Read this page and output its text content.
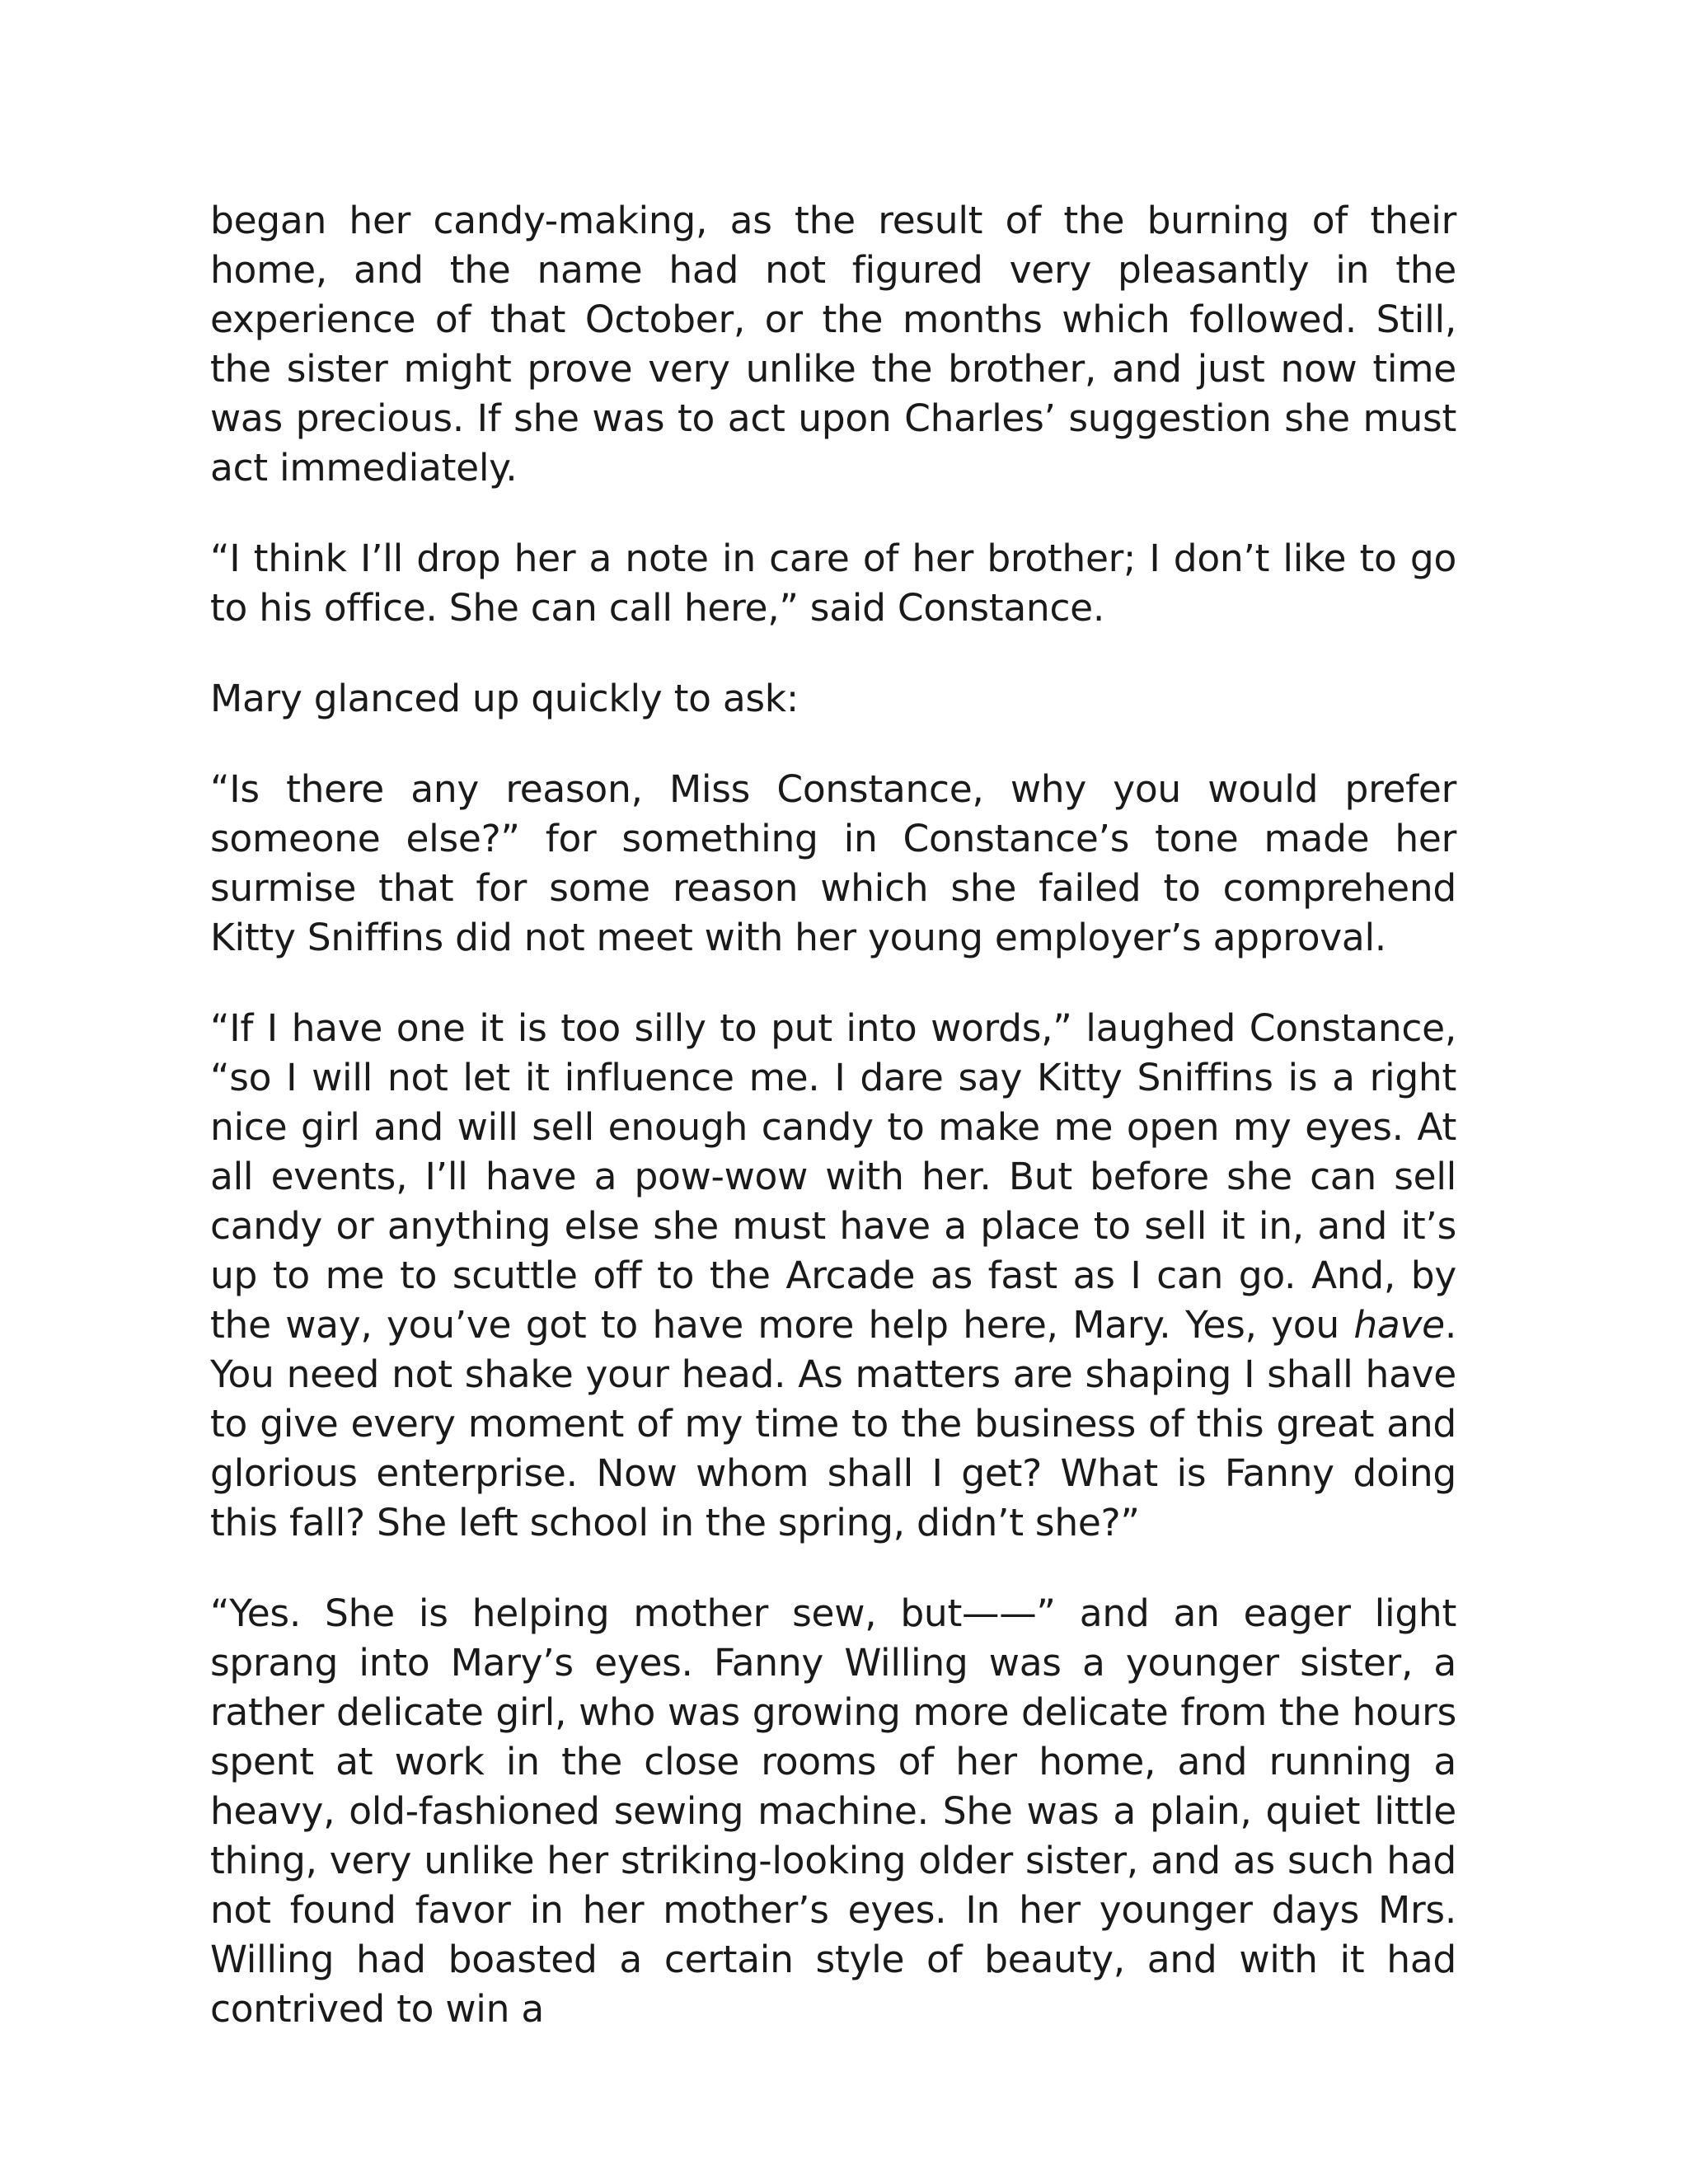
began her candy-making, as the result of the burning of their home, and the name had not figured very pleasantly in the experience of that October, or the months which followed. Still, the sister might prove very unlike the brother, and just now time was precious. If she was to act upon Charles’ suggestion she must act immediately.

“I think I’ll drop her a note in care of her brother; I don’t like to go to his office. She can call here,” said Constance.

Mary glanced up quickly to ask:

“Is there any reason, Miss Constance, why you would prefer someone else?” for something in Constance’s tone made her surmise that for some reason which she failed to comprehend Kitty Sniffins did not meet with her young employer’s approval.

“If I have one it is too silly to put into words,” laughed Constance, “so I will not let it influence me. I dare say Kitty Sniffins is a right nice girl and will sell enough candy to make me open my eyes. At all events, I’ll have a pow-wow with her. But before she can sell candy or anything else she must have a place to sell it in, and it’s up to me to scuttle off to the Arcade as fast as I can go. And, by the way, you’ve got to have more help here, Mary. Yes, you have. You need not shake your head. As matters are shaping I shall have to give every moment of my time to the business of this great and glorious enterprise. Now whom shall I get? What is Fanny doing this fall? She left school in the spring, didn’t she?”

“Yes. She is helping mother sew, but——” and an eager light sprang into Mary’s eyes. Fanny Willing was a younger sister, a rather delicate girl, who was growing more delicate from the hours spent at work in the close rooms of her home, and running a heavy, old-fashioned sewing machine. She was a plain, quiet little thing, very unlike her striking-looking older sister, and as such had not found favor in her mother’s eyes. In her younger days Mrs. Willing had boasted a certain style of beauty, and with it had contrived to win a
